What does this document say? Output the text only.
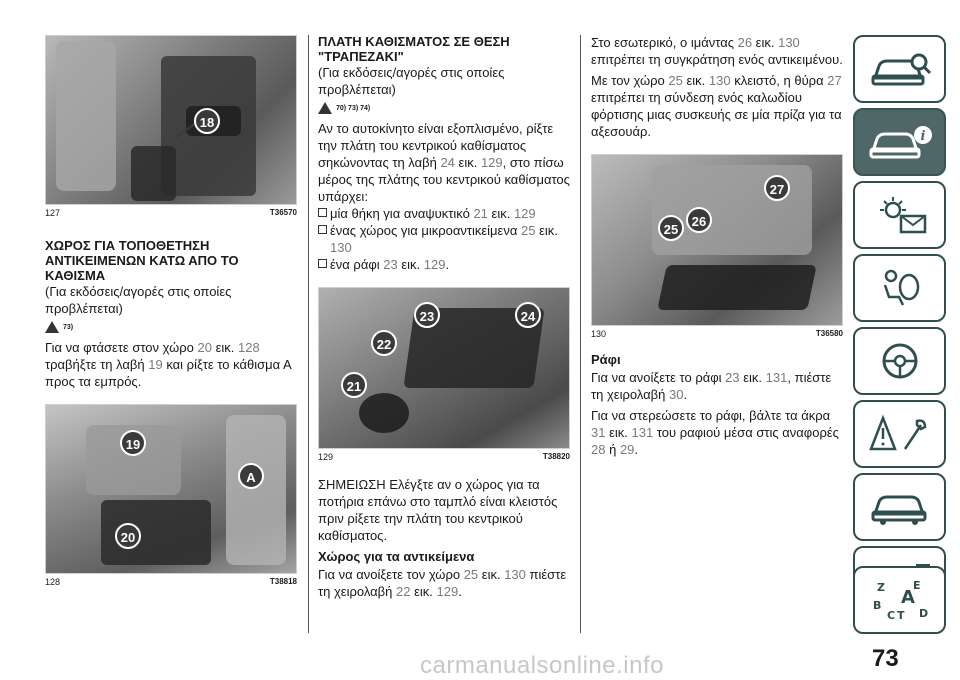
18
127	T36570

ΧΩΡΟΣ ΓΙΑ ΤΟΠΟΘΕΤΗΣΗ ΑΝΤΙΚΕΙΜΕΝΩΝ ΚΑΤΩ ΑΠΟ ΤΟ ΚΑΘΙΣΜΑ

(Για εκδόσεις/αγορές στις οποίες προβλέπεται)

73)

Για να φτάσετε στον χώρο 20 εικ. 128 τραβήξτε τη λαβή 19 και ρίξτε το κάθισμα Α προς τα εμπρός.

19
A
20
128	T38818

ΠΛΑΤΗ ΚΑΘΙΣΜΑΤΟΣ ΣΕ ΘΕΣΗ "ΤΡΑΠΕΖΑΚΙ"

(Για εκδόσεις/αγορές στις οποίες προβλέπεται)

70) 73) 74)

Αν το αυτοκίνητο είναι εξοπλισμένο, ρίξτε την πλάτη του κεντρικού καθίσματος σηκώνοντας τη λαβή 24 εικ. 129, στο πίσω μέρος της πλάτης του κεντρικού καθίσματος υπάρχει:

μία θήκη για αναψυκτικό 21 εικ. 129
ένας χώρος για μικροαντικείμενα 25 εικ. 130
ένα ράφι 23 εικ. 129.
23	24
22
21
129	T38820

ΣΗΜΕΙΩΣΗ Ελέγξτε αν ο χώρος για τα ποτήρια επάνω στο ταμπλό είναι κλειστός πριν ρίξετε την πλάτη του κεντρικού καθίσματος.

Χώρος για τα αντικείμενα

Για να ανοίξετε τον χώρο 25 εικ. 130 πιέστε τη χειρολαβή 22 εικ. 129.

Στο εσωτερικό, ο ιμάντας 26 εικ. 130 επιτρέπει τη συγκράτηση ενός αντικειμένου.

Με τον χώρο 25 εικ. 130 κλειστό, η θύρα 27 επιτρέπει τη σύνδεση ενός καλωδίου φόρτισης μιας συσκευής σε μία πρίζα για τα αξεσουάρ.

27
26
25
130	T36580

Ράφι

Για να ανοίξετε το ράφι 23 εικ. 131, πιέστε τη χειρολαβή 30.

Για να στερεώσετε το ράφι, βάλτε τα άκρα 31 εικ. 131 του ραφιού μέσα στις αναφορές 28 ή 29.

i
Z	E
B A
C T D
73
carmanualsonline.info
